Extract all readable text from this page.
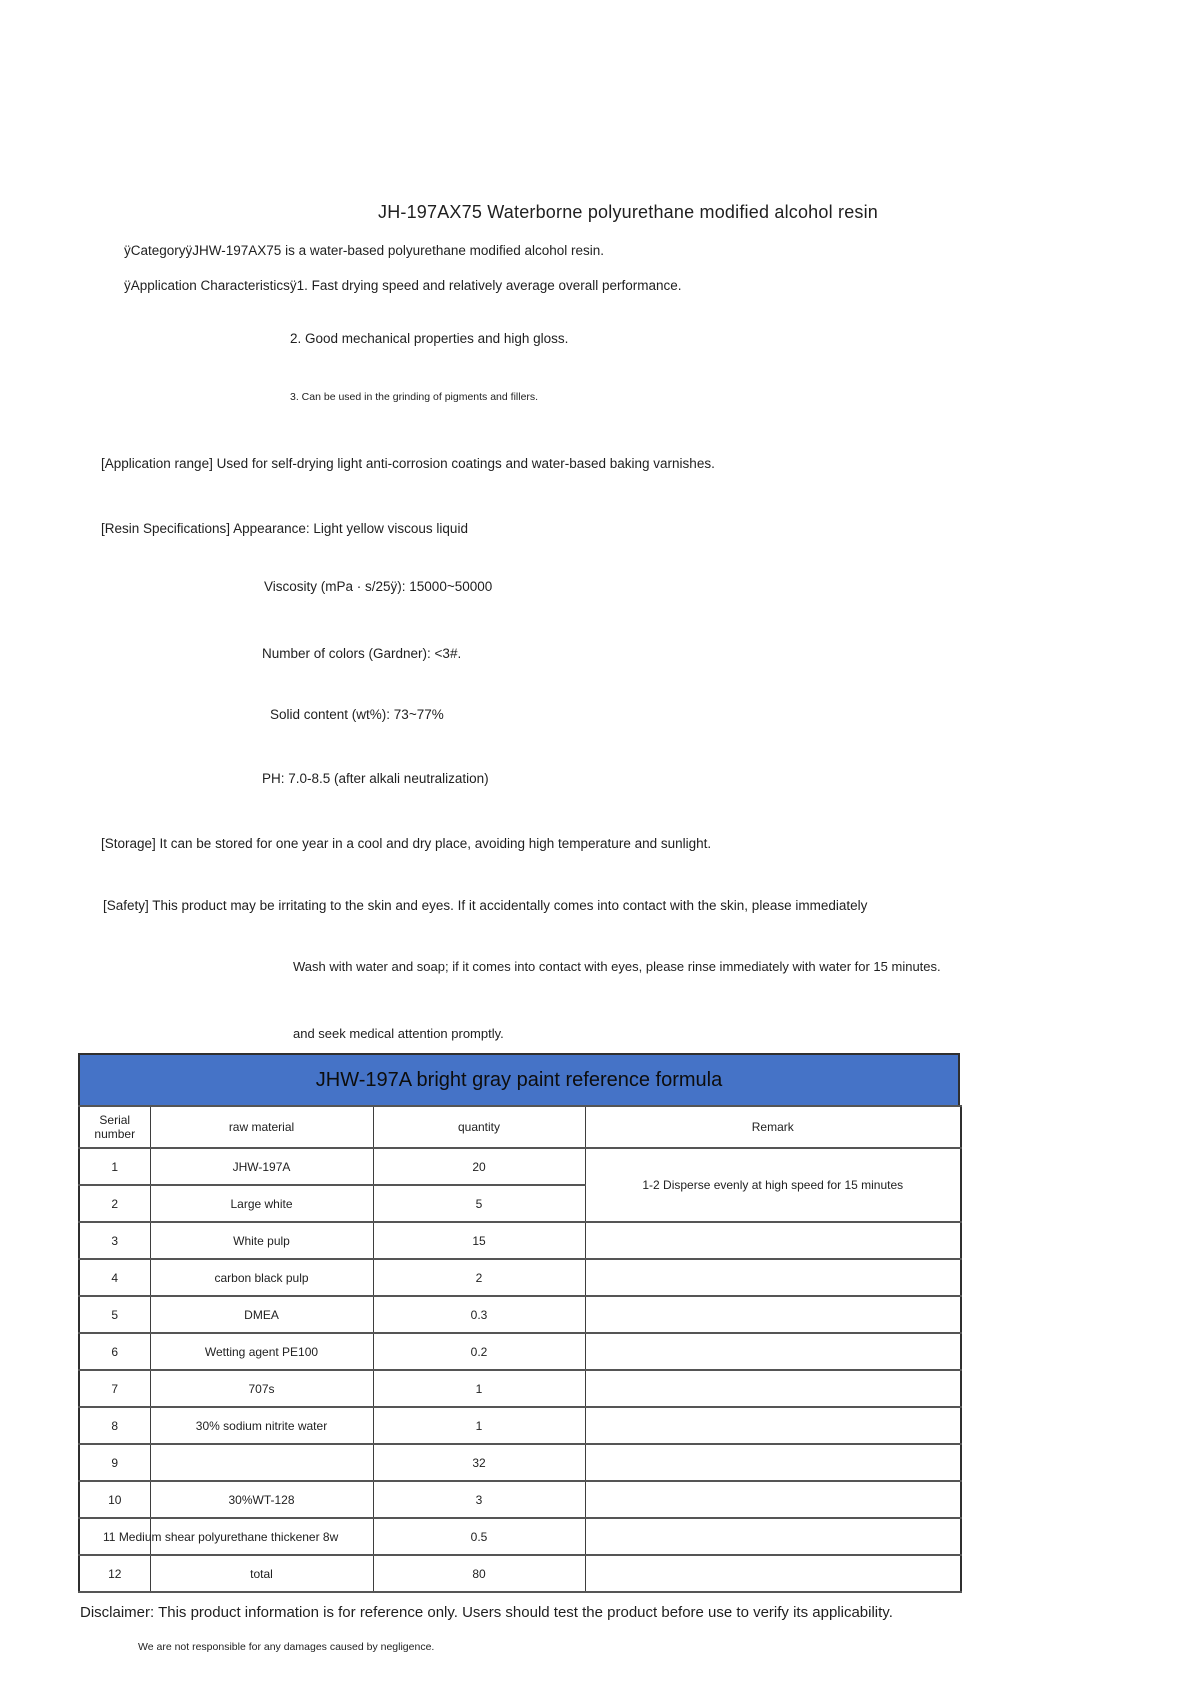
JH-197AX75 Waterborne polyurethane modified alcohol resin
ÿCategoryÿJHW-197AX75 is a water-based polyurethane modified alcohol resin.
ÿApplication Characteristicsÿ1. Fast drying speed and relatively average overall performance.
2. Good mechanical properties and high gloss.
3. Can be used in the grinding of pigments and fillers.
[Application range] Used for self-drying light anti-corrosion coatings and water-based baking varnishes.
[Resin Specifications] Appearance: Light yellow viscous liquid
Viscosity (mPa · s/25ÿ): 15000~50000
Number of colors (Gardner): <3#.
Solid content (wt%): 73~77%
PH: 7.0-8.5 (after alkali neutralization)
[Storage] It can be stored for one year in a cool and dry place, avoiding high temperature and sunlight.
[Safety] This product may be irritating to the skin and eyes. If it accidentally comes into contact with the skin, please immediately
Wash with water and soap; if it comes into contact with eyes, please rinse immediately with water for 15 minutes.
and seek medical attention promptly.
JHW-197A bright gray paint reference formula
Serial number	raw material	quantity	Remark
1	JHW-197A	20	1-2 Disperse evenly at high speed for 15 minutes
2	Large white	5	
3	White pulp	15	
4	carbon black pulp	2	
5	DMEA	0.3	
6	Wetting agent PE100	0.2	
7	707s	1	
8	30% sodium nitrite water	1	
9		32	
10	30%WT-128	3	
11 Medium shear polyurethane thickener 8w		0.5	
12	total	80	
Disclaimer: This product information is for reference only. Users should test the product before use to verify its applicability.
We are not responsible for any damages caused by negligence.
